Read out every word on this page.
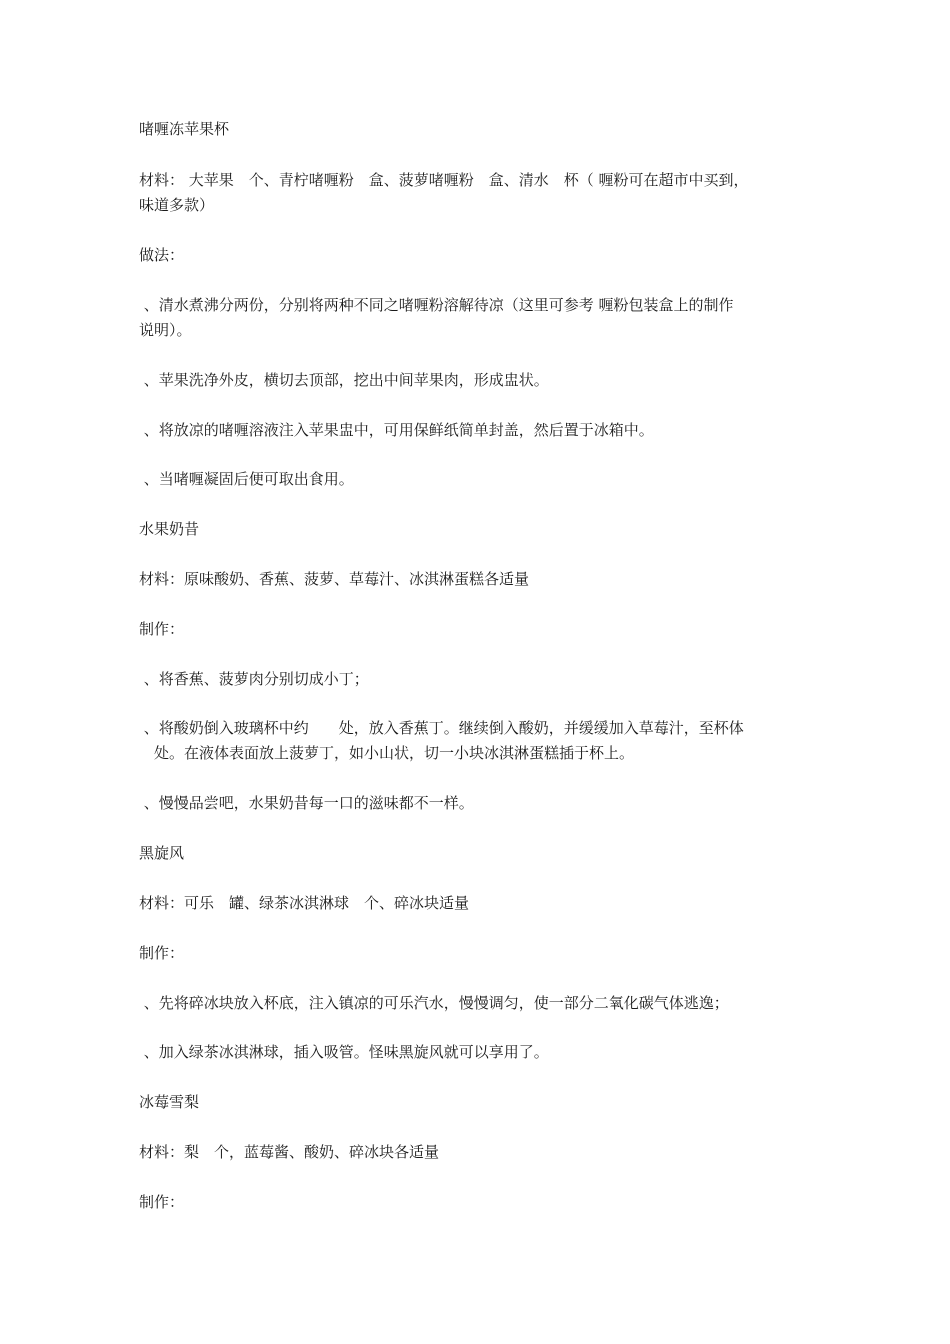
啫喱冻苹果杯

材料： 大苹果　个、青柠啫喱粉　盒、菠萝啫喱粉　盒、清水　杯（ 喱粉可在超市中买到，

味道多款）

做法：

、清水煮沸分两份，分别将两种不同之啫喱粉溶解待凉（这里可参考 喱粉包装盒上的制作

说明）。

、苹果洗净外皮，横切去顶部，挖出中间苹果肉，形成盅状。

、将放凉的啫喱溶液注入苹果盅中，可用保鲜纸简单封盖，然后置于冰箱中。

、当啫喱凝固后便可取出食用。

水果奶昔

材料：原味酸奶、香蕉、菠萝、草莓汁、冰淇淋蛋糕各适量

制作：

、将香蕉、菠萝肉分别切成小丁；

、将酸奶倒入玻璃杯中约　　处，放入香蕉丁。继续倒入酸奶，并缓缓加入草莓汁，至杯体

　处。在液体表面放上菠萝丁，如小山状，切一小块冰淇淋蛋糕插于杯上。

、慢慢品尝吧，水果奶昔每一口的滋味都不一样。

黑旋风

材料：可乐　罐、绿茶冰淇淋球　个、碎冰块适量

制作：

、先将碎冰块放入杯底，注入镇凉的可乐汽水，慢慢调匀，使一部分二氧化碳气体逃逸；

、加入绿茶冰淇淋球，插入吸管。怪味黑旋风就可以享用了。

冰莓雪梨

材料：梨　个，蓝莓酱、酸奶、碎冰块各适量

制作：
